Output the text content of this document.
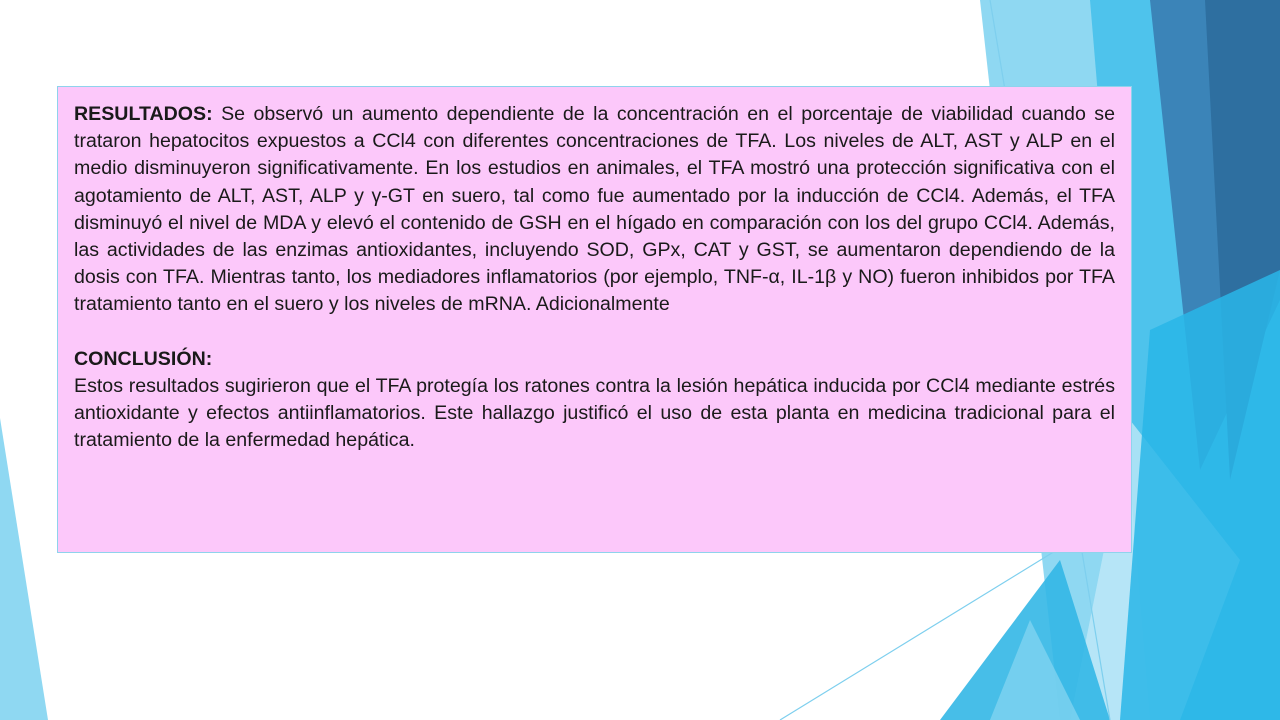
RESULTADOS: Se observó un aumento dependiente de la concentración en el porcentaje de viabilidad cuando se trataron hepatocitos expuestos a CCl4 con diferentes concentraciones de TFA. Los niveles de ALT, AST y ALP en el medio disminuyeron significativamente. En los estudios en animales, el TFA mostró una protección significativa con el agotamiento de ALT, AST, ALP y γ-GT en suero, tal como fue aumentado por la inducción de CCl4. Además, el TFA disminuyó el nivel de MDA y elevó el contenido de GSH en el hígado en comparación con los del grupo CCl4. Además, las actividades de las enzimas antioxidantes, incluyendo SOD, GPx, CAT y GST, se aumentaron dependiendo de la dosis con TFA. Mientras tanto, los mediadores inflamatorios (por ejemplo, TNF-α, IL-1β y NO) fueron inhibidos por TFA tratamiento tanto en el suero y los niveles de mRNA. Adicionalmente

CONCLUSIÓN:

Estos resultados sugirieron que el TFA protegía los ratones contra la lesión hepática inducida por CCl4 mediante estrés antioxidante y efectos antiinflamatorios. Este hallazgo justificó el uso de esta planta en medicina tradicional para el tratamiento de la enfermedad hepática.
